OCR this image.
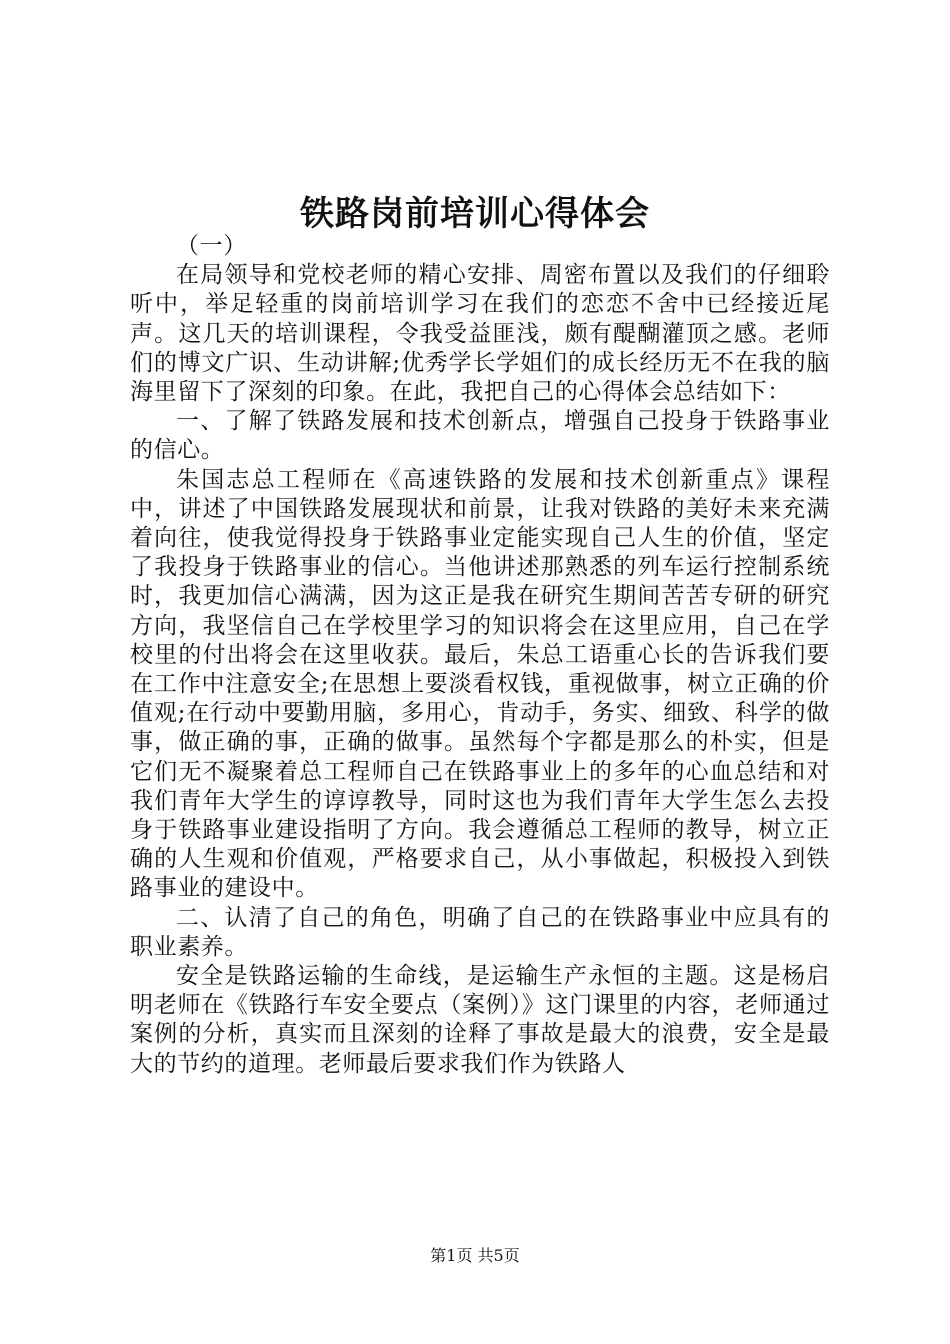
铁路岗前培训心得体会

（一）

在局领导和党校老师的精心安排、周密布置以及我们的仔细聆听中，举足轻重的岗前培训学习在我们的恋恋不舍中已经接近尾声。这几天的培训课程，令我受益匪浅，颇有醍醐灌顶之感。老师们的博文广识、生动讲解;优秀学长学姐们的成长经历无不在我的脑海里留下了深刻的印象。在此，我把自己的心得体会总结如下：

一、了解了铁路发展和技术创新点，增强自己投身于铁路事业的信心。

朱国志总工程师在《高速铁路的发展和技术创新重点》课程中，讲述了中国铁路发展现状和前景，让我对铁路的美好未来充满着向往，使我觉得投身于铁路事业定能实现自己人生的价值，坚定了我投身于铁路事业的信心。当他讲述那熟悉的列车运行控制系统时，我更加信心满满，因为这正是我在研究生期间苦苦专研的研究方向，我坚信自己在学校里学习的知识将会在这里应用，自己在学校里的付出将会在这里收获。最后，朱总工语重心长的告诉我们要在工作中注意安全;在思想上要淡看权钱，重视做事，树立正确的价值观;在行动中要勤用脑，多用心，肯动手，务实、细致、科学的做事，做正确的事，正确的做事。虽然每个字都是那么的朴实，但是它们无不凝聚着总工程师自己在铁路事业上的多年的心血总结和对我们青年大学生的谆谆教导，同时这也为我们青年大学生怎么去投身于铁路事业建设指明了方向。我会遵循总工程师的教导，树立正确的人生观和价值观，严格要求自己，从小事做起，积极投入到铁路事业的建设中。

二、认清了自己的角色，明确了自己的在铁路事业中应具有的职业素养。

安全是铁路运输的生命线，是运输生产永恒的主题。这是杨启明老师在《铁路行车安全要点（案例）》这门课里的内容，老师通过案例的分析，真实而且深刻的诠释了事故是最大的浪费，安全是最大的节约的道理。老师最后要求我们作为铁路人

第1页 共5页
